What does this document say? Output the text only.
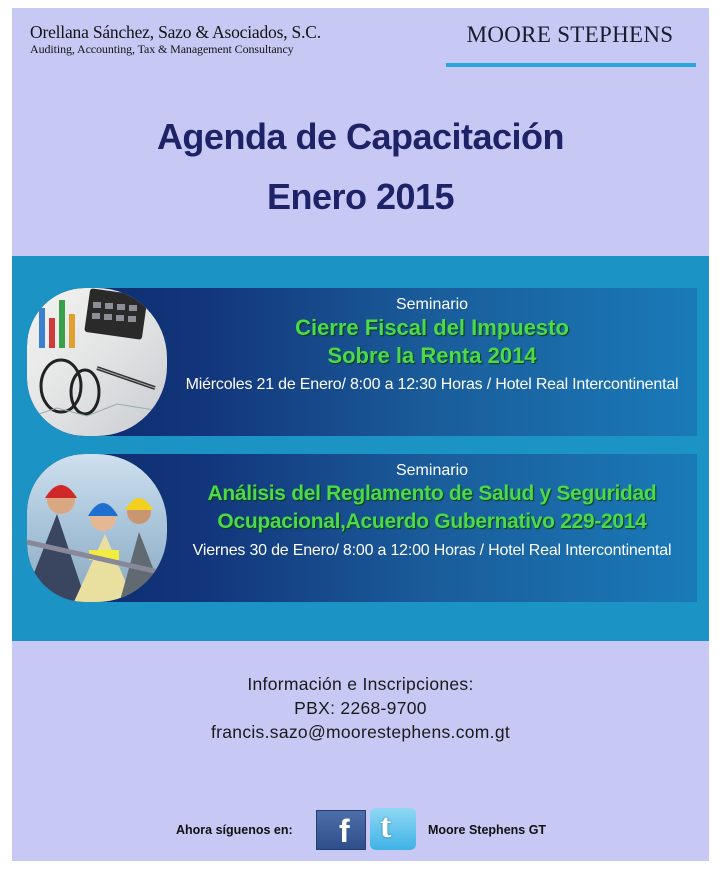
Orellana Sánchez, Sazo & Asociados, S.C.
Auditing, Accounting, Tax & Management Consultancy
MOORE STEPHENS
Agenda de Capacitación
Enero 2015
Seminario
Cierre Fiscal del Impuesto
Sobre la Renta 2014
Miércoles 21 de Enero/ 8:00 a 12:30 Horas / Hotel Real Intercontinental
Seminario
Análisis del Reglamento de Salud y Seguridad
Ocupacional,Acuerdo Gubernativo 229-2014
Viernes 30 de Enero/ 8:00 a 12:00 Horas / Hotel Real Intercontinental
Información e Inscripciones:
PBX: 2268-9700
francis.sazo@moorestephens.com.gt
Ahora síguenos en: f t	Moore Stephens GT
